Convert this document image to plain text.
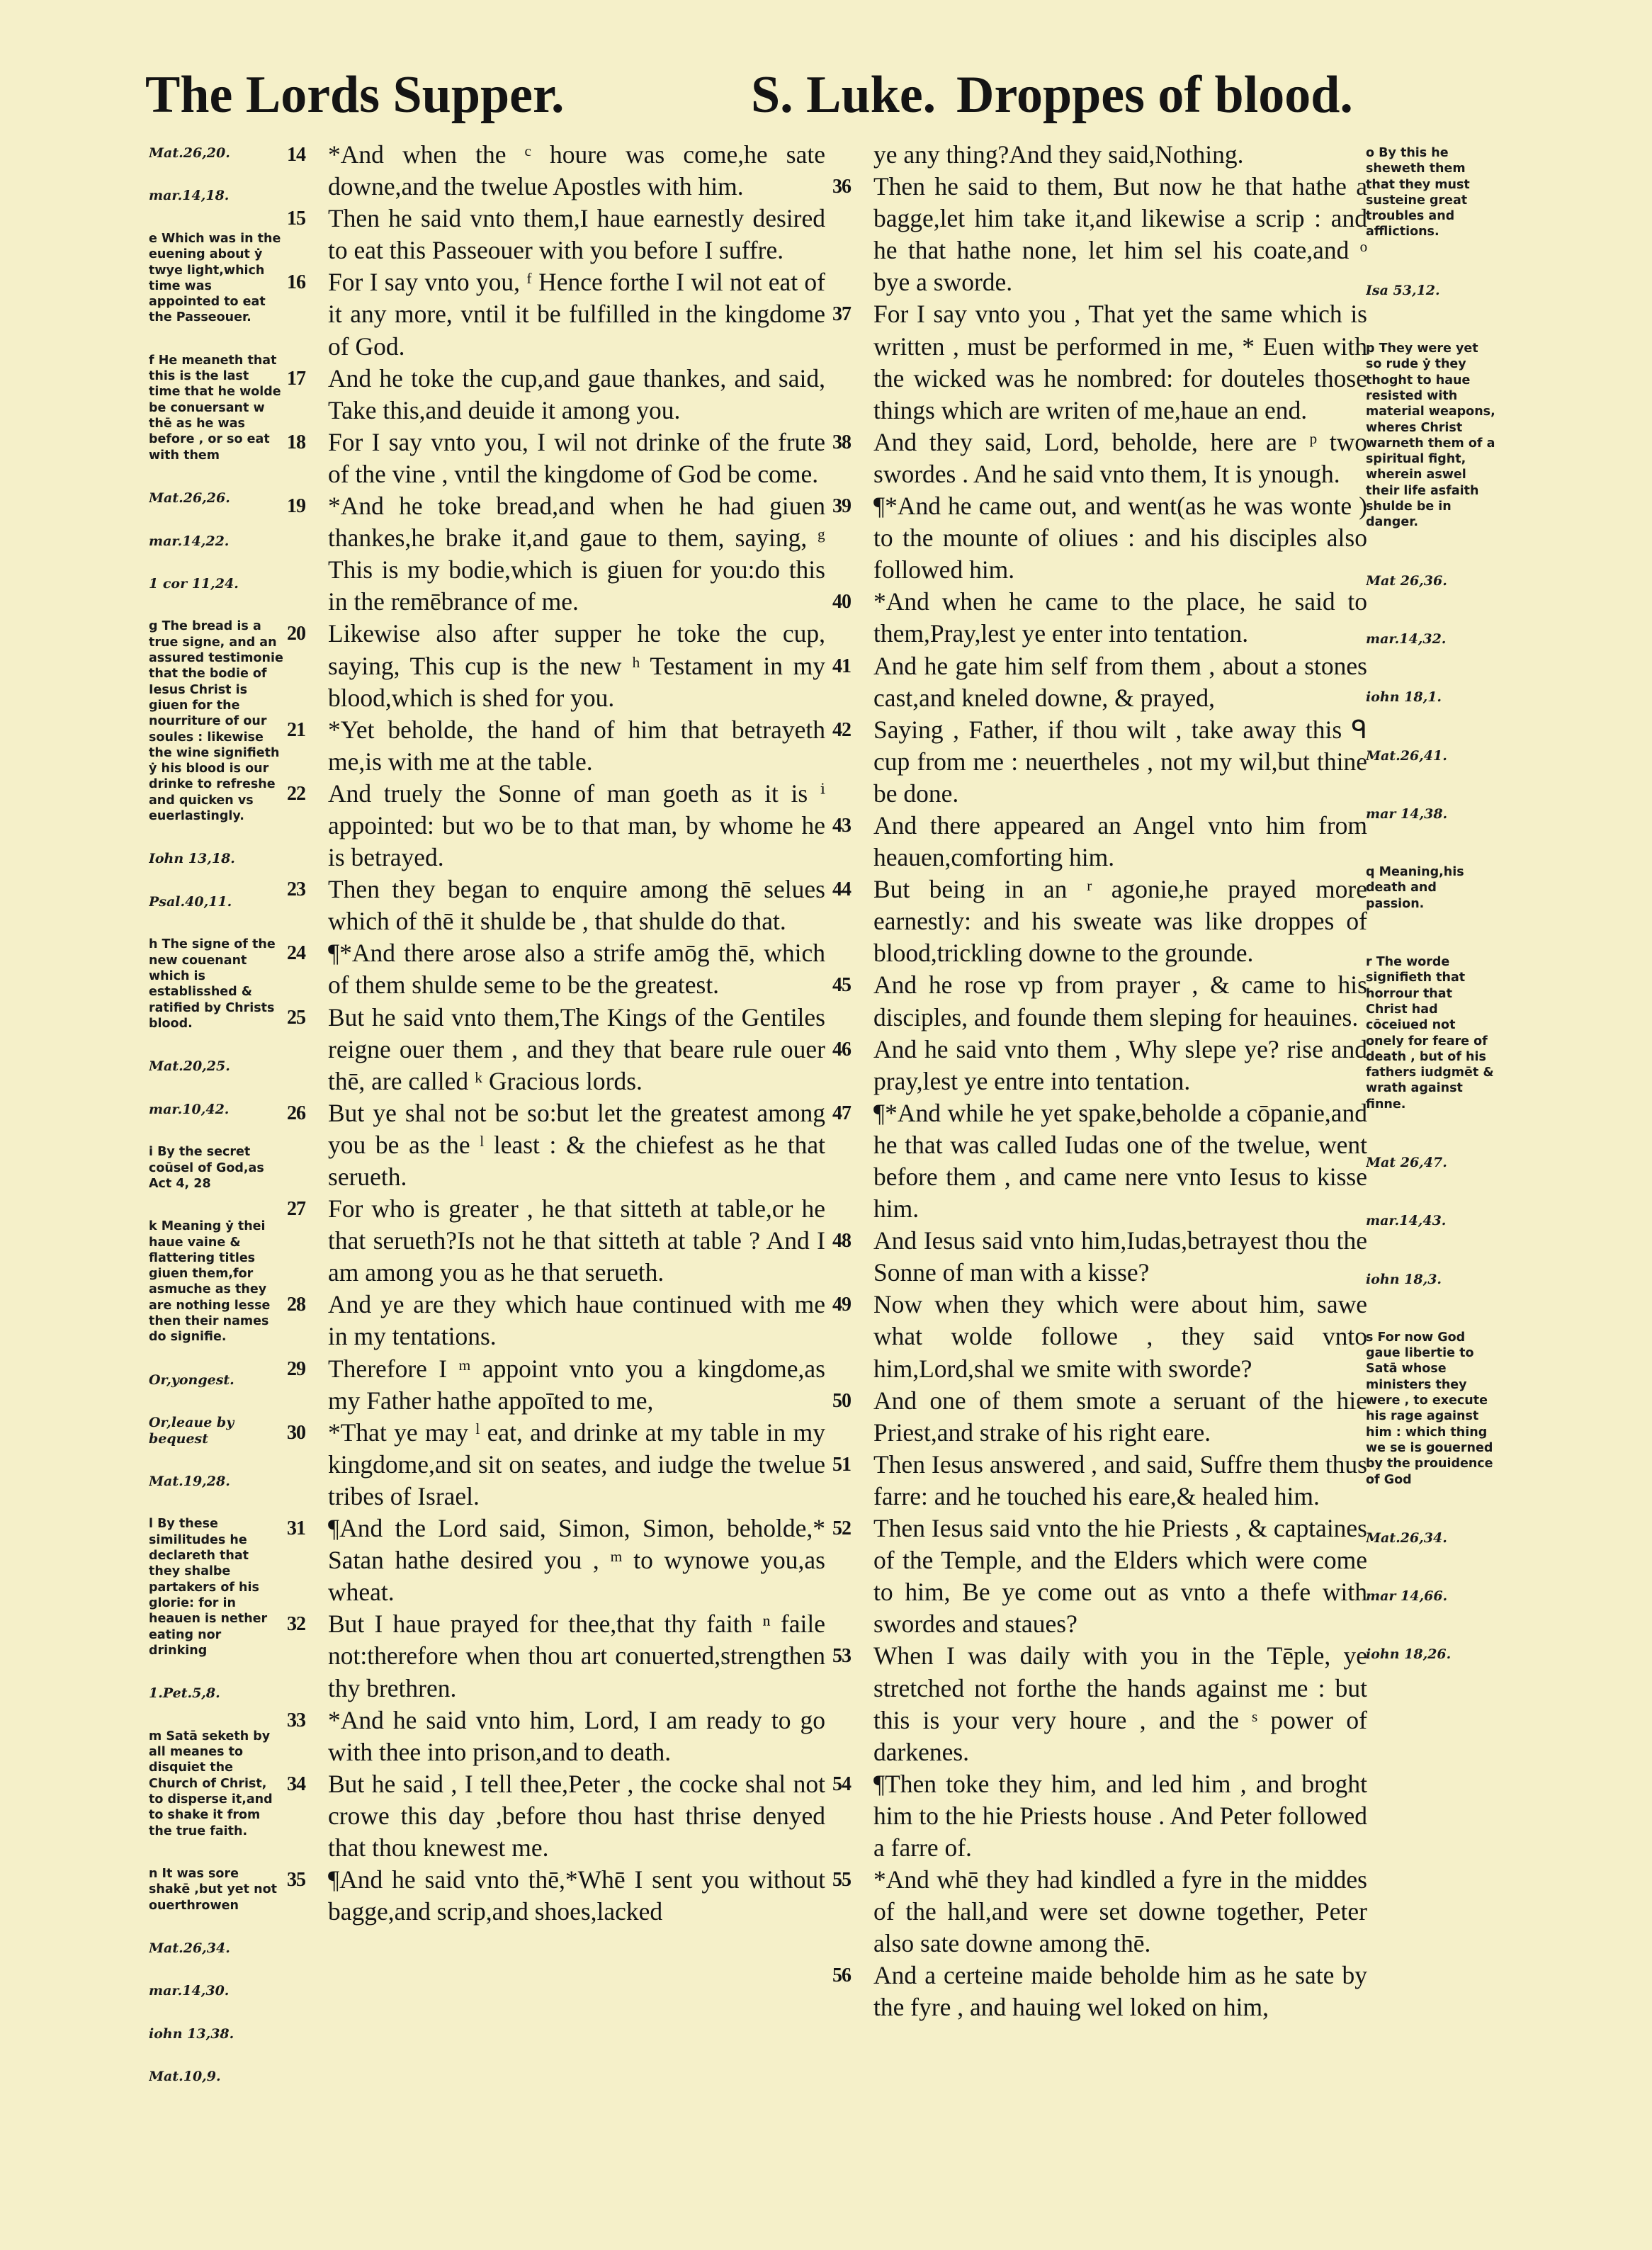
The Lords Supper.	S. Luke. Droppes of blood.
Mat.26,20.
mar.14,18.
e Which was in the euening about ẏ twye light,which time was appointed to eat the Passeouer.
f He meaneth that this is the last time that he wolde be conuersant w thē as he was before , or so eat with them
Mat.26,26.
mar.14,22.
1 cor 11,24.
g The bread is a true signe, and an assured testimonie that the bodie of Iesus Christ is giuen for the nourriture of our soules : likewise the wine signifieth ẏ his blood is our drinke to refreshe and quicken vs euerlastingly.
Iohn 13,18.
Psal.40,11.
h The signe of the new couenant which is establisshed & ratified by Christs blood.
Mat.20,25.
mar.10,42.
i By the secret coūsel of God,as Act 4, 28
k Meaning ẏ thei haue vaine & flattering titles giuen them,for asmuche as they are nothing lesse then their names do signifie.
Or,yongest.
Or,leaue by bequest
Mat.19,28.
l By these similitudes he declareth that they shalbe partakers of his glorie: for in heauen is nether eating nor drinking
1.Pet.5,8.
m Satā seketh by all meanes to disquiet the Church of Christ, to disperse it,and to shake it from the true faith.
n It was sore shakē ,but yet not ouerthrowen
Mat.26,34.
mar.14,30.
iohn 13,38.
Mat.10,9.
14 *And when the ᶜ houre was come,he sate downe,and the twelue Apostles with him.
15 Then he said vnto them,I haue earnestly desired to eat this Passeouer with you before I suffre.
16 For I say vnto you, ᶠ Hence forthe I wil not eat of it any more, vntil it be fulfilled in the kingdome of God.
17 And he toke the cup,and gaue thankes, and said, Take this,and deuide it among you.
18 For I say vnto you, I wil not drinke of the frute of the vine , vntil the kingdome of God be come.
19 *And he toke bread,and when he had giuen thankes,he brake it,and gaue to them, saying, ᵍ This is my bodie,which is giuen for you:do this in the remēbrance of me.
20 Likewise also after supper he toke the cup, saying, This cup is the new ʰ Testament in my blood,which is shed for you.
21 *Yet beholde, the hand of him that betrayeth me,is with me at the table.
22 And truely the Sonne of man goeth as it is ⁱ appointed: but wo be to that man, by whome he is betrayed.
23 Then they began to enquire among thē selues which of thē it shulde be , that shulde do that.
24 ¶*And there arose also a strife amōg thē, which of them shulde seme to be the greatest.
25 But he said vnto them,The Kings of the Gentiles reigne ouer them , and they that beare rule ouer thē, are called ᵏ Gracious lords.
26 But ye shal not be so:but let the greatest among you be as the ˡ least : & the chiefest as he that serueth.
27 For who is greater , he that sitteth at table,or he that serueth?Is not he that sitteth at table ? And I am among you as he that serueth.
28 And ye are they which haue continued with me in my tentations.
29 Therefore I ᵐ appoint vnto you a kingdome,as my Father hathe appoīted to me,
30 *That ye may ˡ eat, and drinke at my table in my kingdome,and sit on seates, and iudge the twelue tribes of Israel.
31 ¶And the Lord said, Simon, Simon, beholde,* Satan hathe desired you , ᵐ to wynowe you,as wheat.
32 But I haue prayed for thee,that thy faith ⁿ faile not:therefore when thou art conuerted,strengthen thy brethren.
33 *And he said vnto him, Lord, I am ready to go with thee into prison,and to death.
34 But he said , I tell thee,Peter , the cocke shal not crowe this day ,before thou hast thrise denyed that thou knewest me.
35 ¶And he said vnto thē,*Whē I sent you without bagge,and scrip,and shoes,lacked
ye any thing?And they said,Nothing.
36 Then he said to them, But now he that hathe a bagge,let him take it,and likewise a scrip : and he that hathe none, let him sel his coate,and ᵒ bye a sworde.
37 For I say vnto you , That yet the same which is written , must be performed in me, * Euen with the wicked was he nombred: for douteles those things which are writen of me,haue an end.
38 And they said, Lord, beholde, here are ᵖ two swordes . And he said vnto them, It is ynough.
39 ¶*And he came out, and went(as he was wonte ) to the mounte of oliues : and his disciples also followed him.
40 *And when he came to the place, he said to them,Pray,lest ye enter into tentation.
41 And he gate him self from them , about a stones cast,and kneled downe, & prayed,
42 Saying , Father, if thou wilt , take away this ᑫ cup from me : neuertheles , not my wil,but thine be done.
43 And there appeared an Angel vnto him from heauen,comforting him.
44 But being in an ʳ agonie,he prayed more earnestly: and his sweate was like droppes of blood,trickling downe to the grounde.
45 And he rose vp from prayer , & came to his disciples, and founde them sleping for heauines.
46 And he said vnto them , Why slepe ye? rise and pray,lest ye entre into tentation.
47 ¶*And while he yet spake,beholde a cōpanie,and he that was called Iudas one of the twelue, went before them , and came nere vnto Iesus to kisse him.
48 And Iesus said vnto him,Iudas,betrayest thou the Sonne of man with a kisse?
49 Now when they which were about him, sawe what wolde followe , they said vnto him,Lord,shal we smite with sworde?
50 And one of them smote a seruant of the hie Priest,and strake of his right eare.
51 Then Iesus answered , and said, Suffre them thus farre: and he touched his eare,& healed him.
52 Then Iesus said vnto the hie Priests , & captaines of the Temple, and the Elders which were come to him, Be ye come out as vnto a thefe with swordes and staues?
53 When I was daily with you in the Tēple, ye stretched not forthe the hands against me : but this is your very houre , and the ˢ power of darkenes.
54 ¶Then toke they him, and led him , and broght him to the hie Priests house . And Peter followed a farre of.
55 *And whē they had kindled a fyre in the middes of the hall,and were set downe together, Peter also sate downe among thē.
56 And a certeine maide beholde him as he sate by the fyre , and hauing wel loked on him,
o By this he sheweth them that they must susteine great troubles and afflictions.
Isa 53,12.
p They were yet so rude ẏ they thoght to haue resisted with material weapons, wheres Christ warneth them of a spiritual fight, wherein aswel their life asfaith shulde be in danger.
Mat 26,36.
mar.14,32.
iohn 18,1.
Mat.26,41.
mar 14,38.
q Meaning,his death and passion.
r The worde signifieth that horrour that Christ had cōceiued not onely for feare of death , but of his fathers iudgmēt & wrath against finne.
Mat 26,47.
mar.14,43.
iohn 18,3.
s For now God gaue libertie to Satā whose ministers they were , to execute his rage against him : which thing we se is gouerned by the prouidence of God
Mat.26,34.
mar 14,66.
iohn 18,26.
